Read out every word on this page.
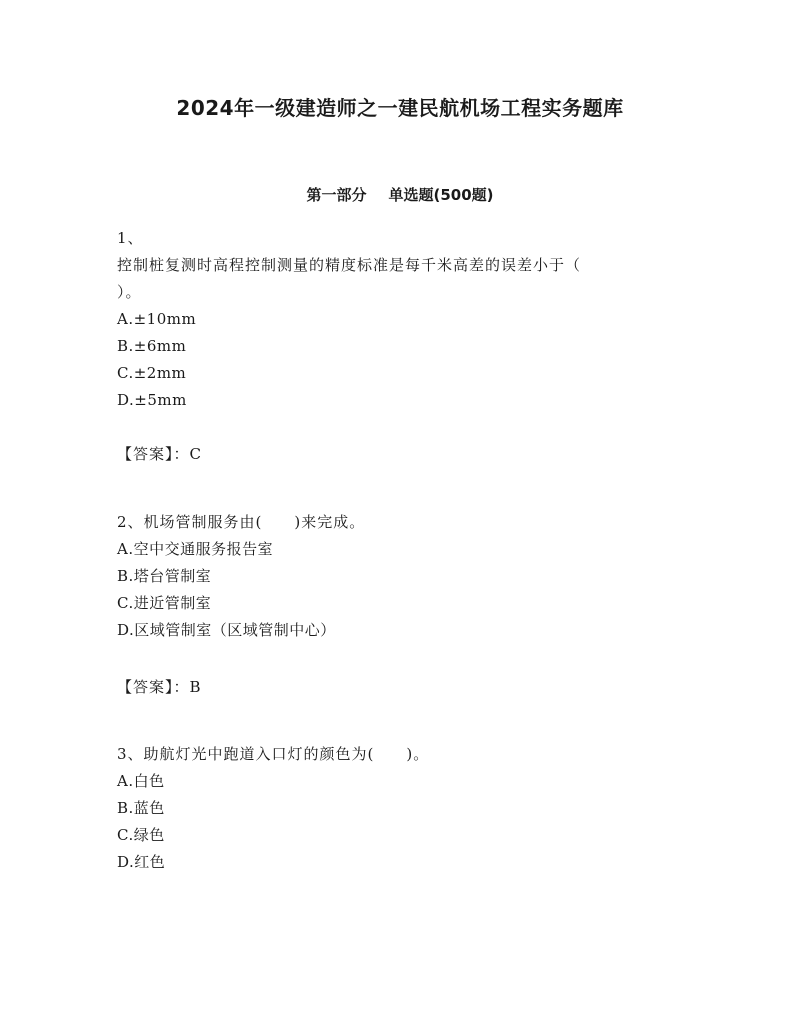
2024年一级建造师之一建民航机场工程实务题库
第一部分 单选题(500题)
1、
控制桩复测时高程控制测量的精度标准是每千米高差的误差小于（
）。
A.±10mm
B.±6mm
C.±2mm
D.±5mm
【答案】：C
2、机场管制服务由(　　)来完成。
A.空中交通服务报告室
B.塔台管制室
C.进近管制室
D.区域管制室（区域管制中心）
【答案】：B
3、助航灯光中跑道入口灯的颜色为(　　)。
A.白色
B.蓝色
C.绿色
D.红色
